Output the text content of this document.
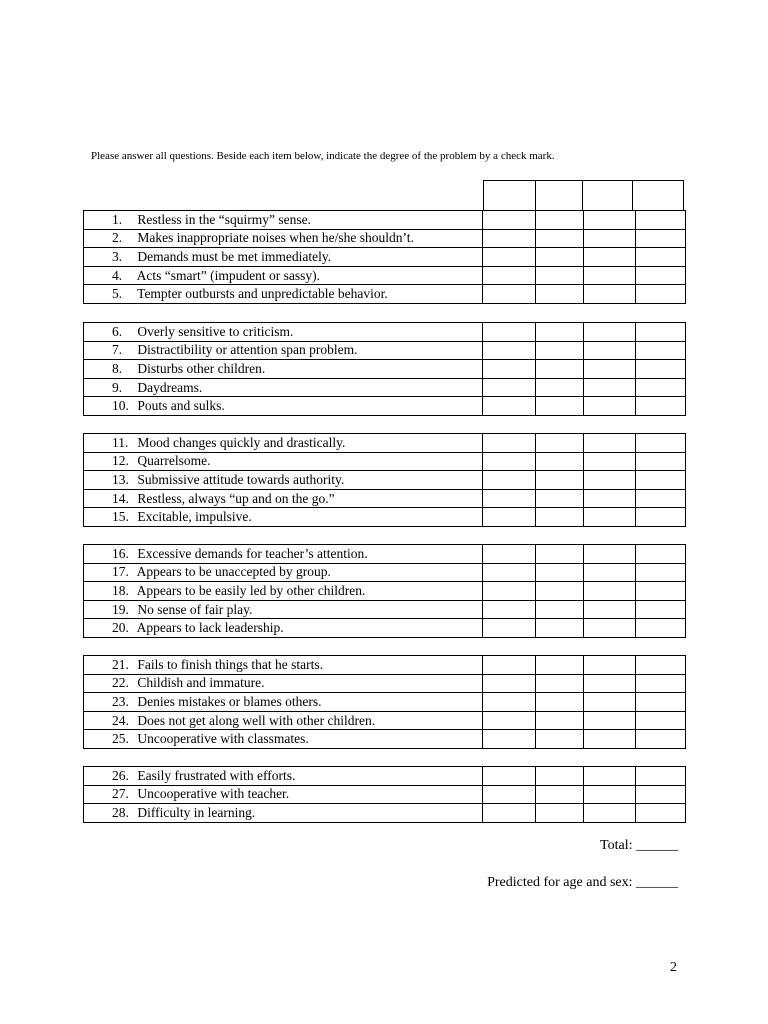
Please answer all questions. Beside each item below, indicate the degree of the problem by a check mark.
1. Restless in the “squirmy” sense.				
2. Makes inappropriate noises when he/she shouldn’t.				
3. Demands must be met immediately.				
4. Acts “smart” (impudent or sassy).				
5. Tempter outbursts and unpredictable behavior.				
6. Overly sensitive to criticism.				
7. Distractibility or attention span problem.				
8. Disturbs other children.				
9. Daydreams.				
10. Pouts and sulks.				
11. Mood changes quickly and drastically.				
12. Quarrelsome.				
13. Submissive attitude towards authority.				
14. Restless, always “up and on the go.”				
15. Excitable, impulsive.				
16. Excessive demands for teacher’s attention.				
17. Appears to be unaccepted by group.				
18. Appears to be easily led by other children.				
19. No sense of fair play.				
20. Appears to lack leadership.				
21. Fails to finish things that he starts.				
22. Childish and immature.				
23. Denies mistakes or blames others.				
24. Does not get along well with other children.				
25. Uncooperative with classmates.				
26. Easily frustrated with efforts.				
27. Uncooperative with teacher.				
28. Difficulty in learning.				
Total: ______
Predicted for age and sex: ______
2
